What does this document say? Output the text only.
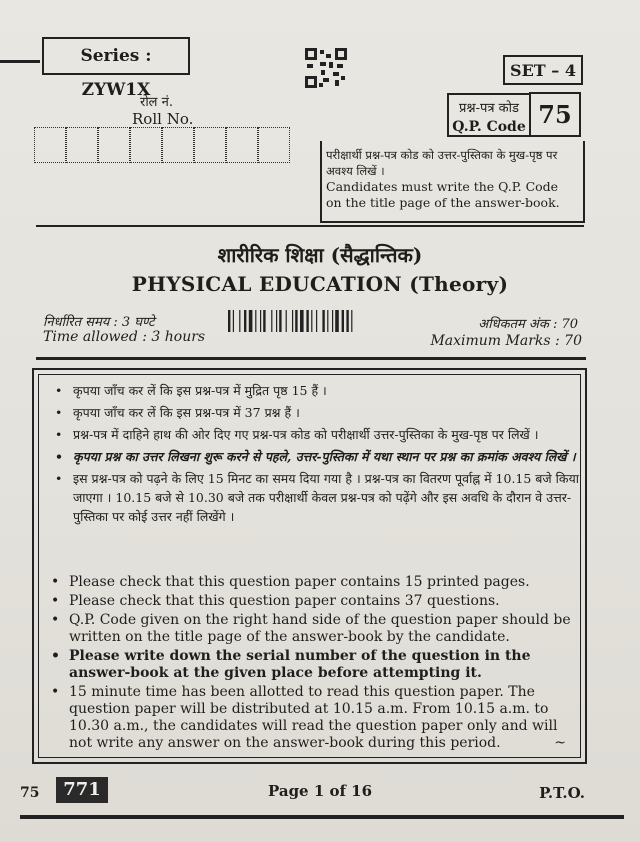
Series : ZYW1X
SET – 4
रोल नं.
Roll No.
प्रश्न-पत्र कोड
Q.P. Code 75
परीक्षार्थी प्रश्न-पत्र कोड को उत्तर-पुस्तिका के मुख-पृष्ठ पर अवश्य लिखें ।
Candidates must write the Q.P. Code on the title page of the answer-book.
शारीरिक शिक्षा (सैद्धान्तिक)
PHYSICAL EDUCATION (Theory)
निर्धारित समय : 3 घण्टे
Time allowed : 3 hours
अधिकतम अंक : 70
Maximum Marks : 70
• कृपया जाँच कर लें कि इस प्रश्न-पत्र में मुद्रित पृष्ठ 15 हैं ।
• कृपया जाँच कर लें कि इस प्रश्न-पत्र में 37 प्रश्न हैं ।
• प्रश्न-पत्र में दाहिने हाथ की ओर दिए गए प्रश्न-पत्र कोड को परीक्षार्थी उत्तर-पुस्तिका के मुख-पृष्ठ पर लिखें ।
• कृपया प्रश्न का उत्तर लिखना शुरू करने से पहले, उत्तर-पुस्तिका में यथा स्थान पर प्रश्न का क्रमांक अवश्य लिखें ।
• इस प्रश्न-पत्र को पढ़ने के लिए 15 मिनट का समय दिया गया है । प्रश्न-पत्र का वितरण पूर्वाह्न में 10.15 बजे किया जाएगा । 10.15 बजे से 10.30 बजे तक परीक्षार्थी केवल प्रश्न-पत्र को पढ़ेंगे और इस अवधि के दौरान वे उत्तर-पुस्तिका पर कोई उत्तर नहीं लिखेंगे ।
• Please check that this question paper contains 15 printed pages.
• Please check that this question paper contains 37 questions.
• Q.P. Code given on the right hand side of the question paper should be written on the title page of the answer-book by the candidate.
• Please write down the serial number of the question in the answer-book at the given place before attempting it.
• 15 minute time has been allotted to read this question paper. The question paper will be distributed at 10.15 a.m. From 10.15 a.m. to 10.30 a.m., the candidates will read the question paper only and will not write any answer on the answer-book during this period.	~
75	771	Page 1 of 16	P.T.O.
